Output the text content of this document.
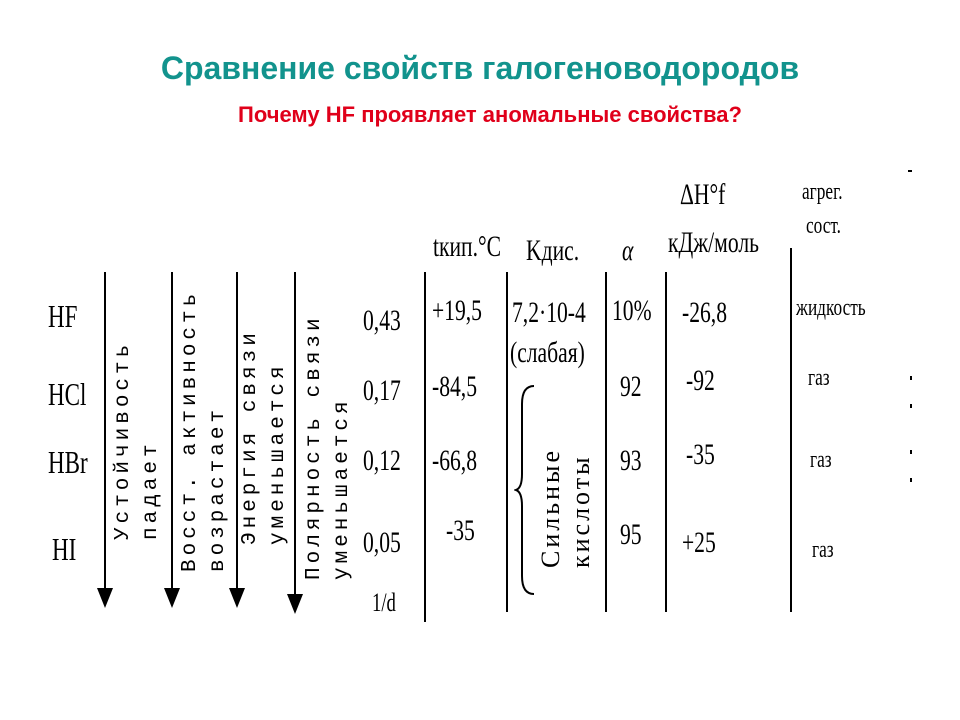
Сравнение свойств галогеноводородов
Почему HF проявляет аномальные свойства?
HF
HCl
HBr
HI
Устойчивость падает Восст. активность возрастает Энергия связи уменьшается Полярность связи уменьшается
0,43
0,17
0,12
0,05
1/d
tкип.°С
+19,5
-84,5
-66,8
-35
Kдис.
7,2·10-4
(слабая)
Сильные кислоты
α
10%
92
93
95
ΔH°f
кДж/моль
-26,8
-92
-35
+25
агрег.
сост.
жидкость
газ
газ
газ
